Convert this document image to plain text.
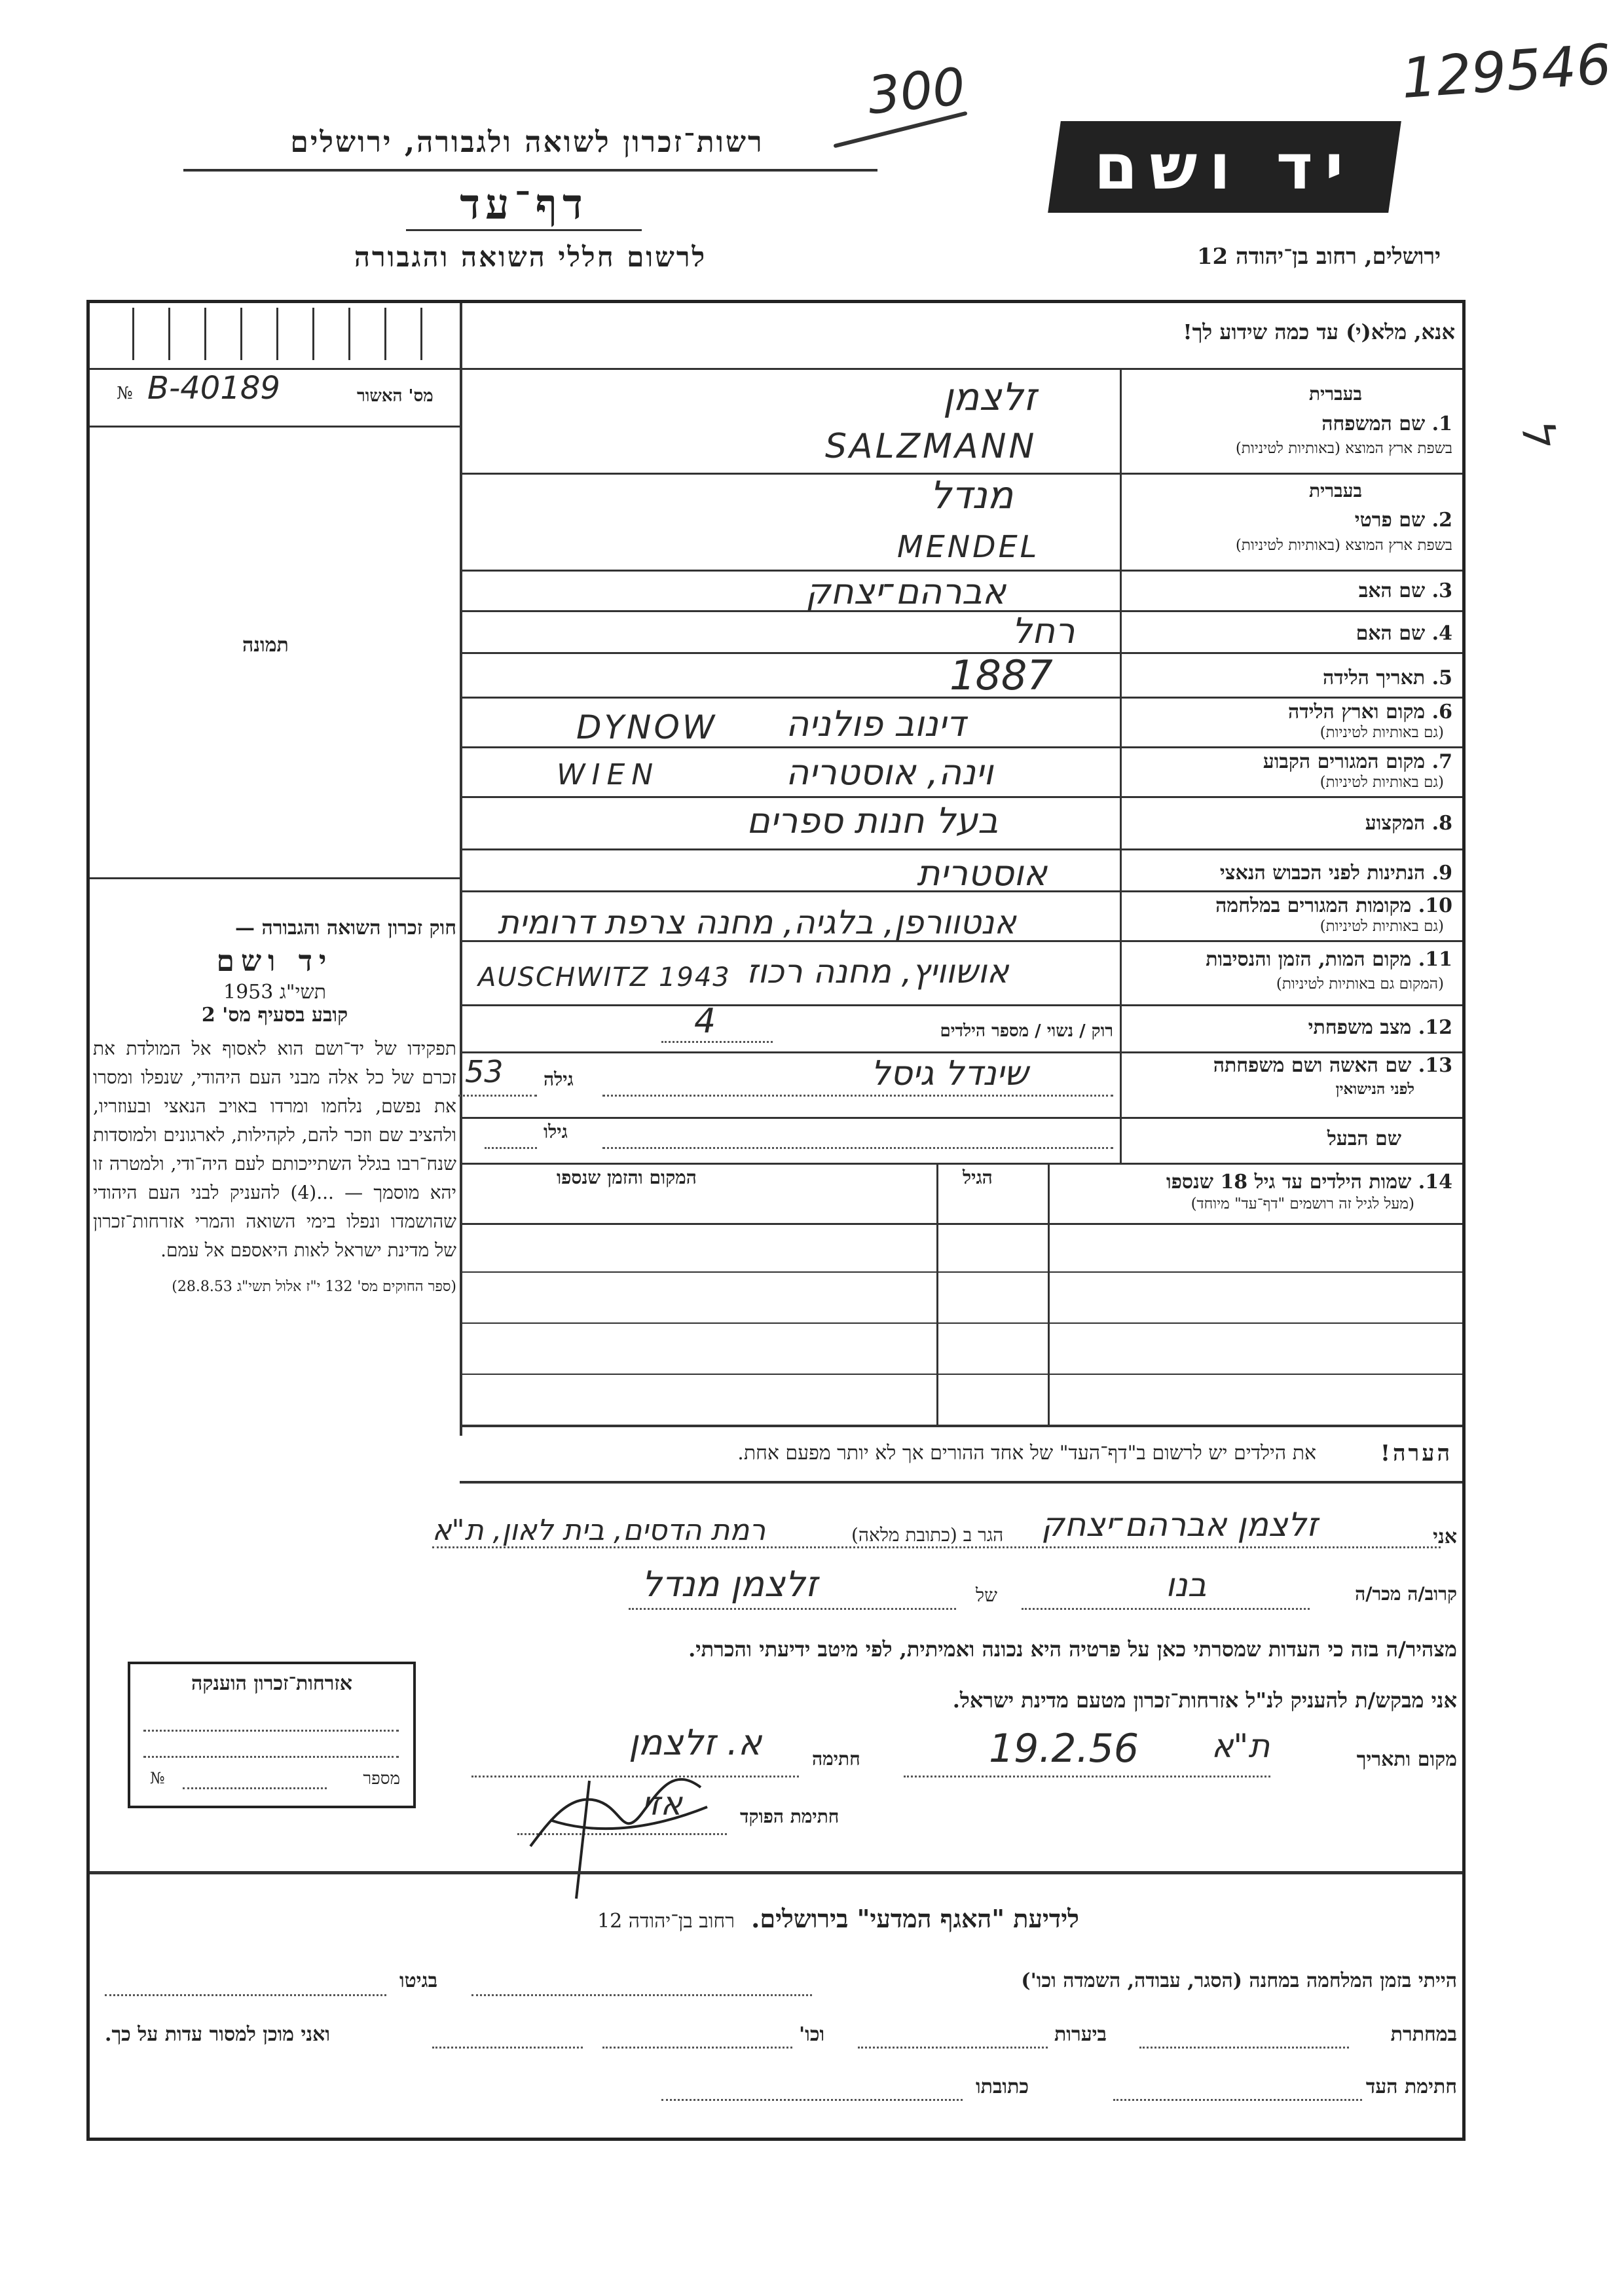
129546
300
רשות־זכרון לשואה ולגבורה, ירושלים
דף־עד
לרשום חללי השואה והגבורה
יד ושם
ירושלים, רחוב בן־יהודה 12
ל
אנא, מלא(י) עד כמה שידוע לך!
№ 40189-B	מס' האשור
תמונה
חוק זכרון השואה והגבורה —
יד ושם
תשי"ג 1953
קובע בסעיף מס' 2
תפקידו של יד־ושם הוא לאסוף אל המולדת את זכרם של כל אלה מבני העם היהודי, שנפלו ומסרו את נפשם, נלחמו ומרדו באויב הנאצי ובעוזריו, ולהציב שם וזכר להם, לקהילות, לארגונים ולמוסדות שנח־רבו בגלל השתייכותם לעם היה־ודי, ולמטרה זו יהא מוסמך — ...(4) להעניק לבני העם היהודי שהושמדו ונפלו בימי השואה והמרי אזרחות־זכרון של מדינת ישראל לאות היאספם אל עמם.
(ספר החוקים מס' 132 י"ז אלול תשי"ג 28.8.53)
בעברית
1. שם המשפחה
בשפת ארץ המוצא (באותיות לטיניות)
זלצמן
SALZMANN
בעברית
2. שם פרטי
בשפת ארץ המוצא (באותיות לטיניות)
מנדל
MENDEL
3. שם האב
אברהם־יצחק
4. שם האם
רחל
5. תאריך הלידה
1887
6. מקום וארץ הלידה
(גם באותיות לטיניות)
דינוב פולניה
DYNOW
7. מקום המגורים הקבוע
(גם באותיות לטיניות)
וינה, אוסטריה
WIEN
8. המקצוע
בעל חנות ספרים
9. הנתינות לפני הכבוש הנאצי
אוסטרית
10. מקומות המגורים במלחמה
(גם באותיות לטיניות)
אנטוורפן, בלגיה, מחנה צרפת דרומית
11. מקום המות, הזמן והנסיבות
(המקום גם באותיות לטיניות)
אושוויץ, מחנה רכוז
AUSCHWITZ 1943
12. מצב משפחתי
רוק / נשוי / מספר הילדים
4
13. שם האשה ושם משפחתה
לפני הנישואין
שינדל גיסל
גילה
53
שם הבעל
גילו
14. שמות הילדים עד גיל 18 שנספו
(מעל לגיל זה רושמים "דף־עד" מיוחד)
הגיל
המקום והזמן שנספו
הערה!
את הילדים יש לרשום ב"דף־העד" של אחד ההורים אך לא יותר מפעם אחת.
אני
זלצמן אברהם־יצחק
הגר ב (כתובת מלאה)
רמת הדסים, בית לאון, ת"א
קרוב/ה מכר/ה
בנו
של
זלצמן מנדל
מצהיר/ה בזה כי העדות שמסרתי כאן על פרטיה היא נכונה ואמיתית, לפי מיטב ידיעתי והכרתי.
אני מבקש/ת להעניק לנ"ל אזרחות־זכרון מטעם מדינת ישראל.
מקום ותאריך
ת"א
19.2.56
חתימה
א. זלצמן
חתימת הפוקד
אזי
אזרחות־זכרון הוענקה
מספר
№
לידיעת "האגף המדעי" בירושלים. רחוב בן־יהודה 12
הייתי בזמן המלחמה במחנה (הסגר, עבודה, השמדה וכו')
בגיטו
במחתרת
ביערות
וכו'
ואני מוכן למסור עדות על כך.
חתימת העד
כתובתו
